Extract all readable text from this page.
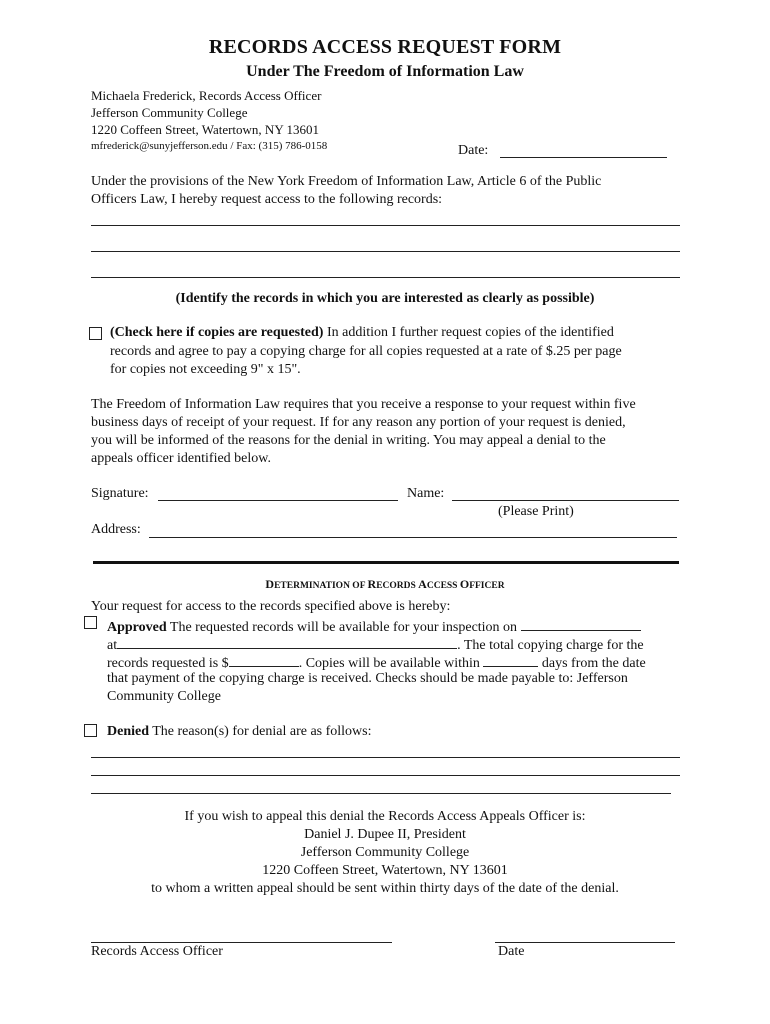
RECORDS ACCESS REQUEST FORM
Under The Freedom of Information Law
Michaela Frederick, Records Access Officer
Jefferson Community College
1220 Coffeen Street, Watertown, NY 13601
mfrederick@sunyjefferson.edu / Fax: (315) 786-0158	Date:
Under the provisions of the New York Freedom of Information Law, Article 6 of the Public
Officers Law, I hereby request access to the following records:
(Identify the records in which you are interested as clearly as possible)
(Check here if copies are requested) In addition I further request copies of the identified
records and agree to pay a copying charge for all copies requested at a rate of $.25 per page
for copies not exceeding 9" x 15".
The Freedom of Information Law requires that you receive a response to your request within five
business days of receipt of your request. If for any reason any portion of your request is denied,
you will be informed of the reasons for the denial in writing. You may appeal a denial to the
appeals officer identified below.
Signature:	Name:
(Please Print)
Address:
DETERMINATION OF RECORDS ACCESS OFFICER
Your request for access to the records specified above is hereby:
Approved The requested records will be available for your inspection on
at	. The total copying charge for the
records requested is $	. Copies will be available within	days from the date
that payment of the copying charge is received. Checks should be made payable to: Jefferson
Community College
Denied The reason(s) for denial are as follows:
If you wish to appeal this denial the Records Access Appeals Officer is:
Daniel J. Dupee II, President
Jefferson Community College
1220 Coffeen Street, Watertown, NY 13601
to whom a written appeal should be sent within thirty days of the date of the denial.
Records Access Officer	Date
